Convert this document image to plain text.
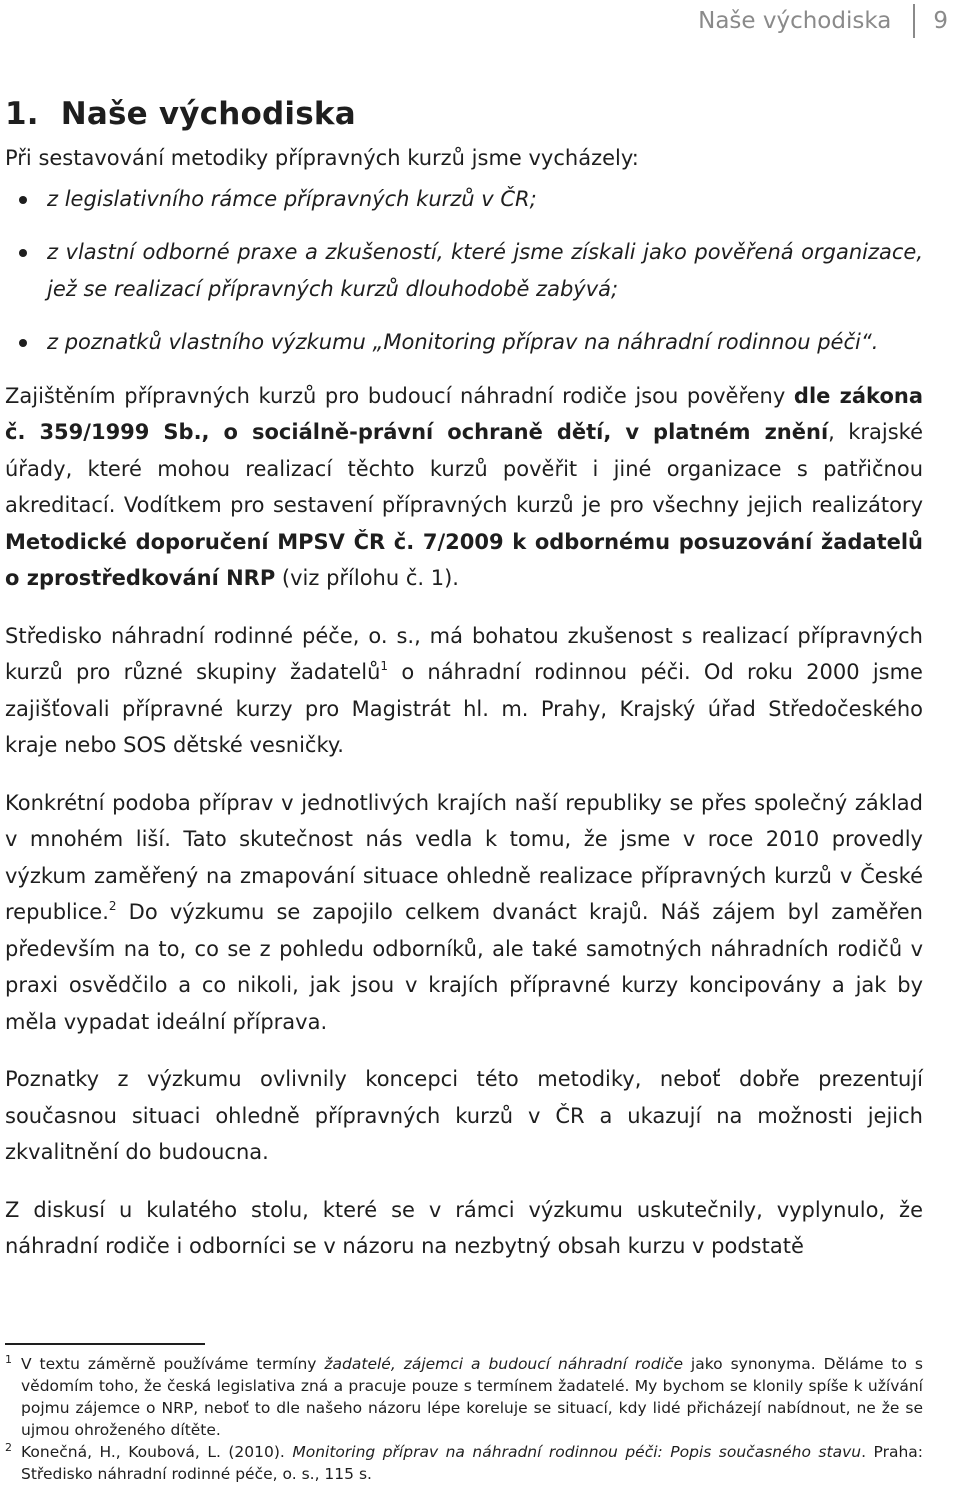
Naše východiska 9
1. Naše východiska

Při sestavování metodiky přípravných kurzů jsme vycházely:

z legislativního rámce přípravných kurzů v ČR;
z vlastní odborné praxe a zkušeností, které jsme získali jako pověřená organizace, jež se realizací přípravných kurzů dlouhodobě zabývá;
z poznatků vlastního výzkumu „Monitoring příprav na náhradní rodinnou péči“.

Zajištěním přípravných kurzů pro budoucí náhradní rodiče jsou pověřeny dle zákona č. 359/1999 Sb., o sociálně-právní ochraně dětí, v platném znění, krajské úřady, které mohou realizací těchto kurzů pověřit i jiné organizace s patřičnou akreditací. Vodítkem pro sestavení přípravných kurzů je pro všechny jejich realizátory Metodické doporučení MPSV ČR č. 7/2009 k odbornému posuzování žadatelů o zprostředkování NRP (viz přílohu č. 1).

Středisko náhradní rodinné péče, o. s., má bohatou zkušenost s realizací přípravných kurzů pro různé skupiny žadatelů$^1$ o náhradní rodinnou péči. Od roku 2000 jsme zajišťovali přípravné kurzy pro Magistrát hl. m. Prahy, Krajský úřad Středočeského kraje nebo SOS dětské vesničky.

Konkrétní podoba příprav v jednotlivých krajích naší republiky se přes společný základ v mnohém liší. Tato skutečnost nás vedla k tomu, že jsme v roce 2010 provedly výzkum zaměřený na zmapování situace ohledně realizace přípravných kurzů v České republice.$^2$ Do výzkumu se zapojilo celkem dvanáct krajů. Náš zájem byl zaměřen především na to, co se z pohledu odborníků, ale také samotných náhradních rodičů v praxi osvědčilo a co nikoli, jak jsou v krajích přípravné kurzy koncipovány a jak by měla vypadat ideální příprava.

Poznatky z výzkumu ovlivnily koncepci této metodiky, neboť dobře prezentují současnou situaci ohledně přípravných kurzů v ČR a ukazují na možnosti jejich zkvalitnění do budoucna.

Z diskusí u kulatého stolu, které se v rámci výzkumu uskutečnily, vyplynulo, že náhradní rodiče i odborníci se v názoru na nezbytný obsah kurzu v podstatě

1 V textu záměrně používáme termíny žadatelé, zájemci a budoucí náhradní rodiče jako synonyma. Děláme to s vědomím toho, že česká legislativa zná a pracuje pouze s termínem žadatelé. My bychom se klonily spíše k užívání pojmu zájemce o NRP, neboť to dle našeho názoru lépe koreluje se situací, kdy lidé přicházejí nabídnout, ne že se ujmou ohroženého dítěte.
2 Konečná, H., Koubová, L. (2010). Monitoring příprav na náhradní rodinnou péči: Popis současného stavu. Praha: Středisko náhradní rodinné péče, o. s., 115 s.
